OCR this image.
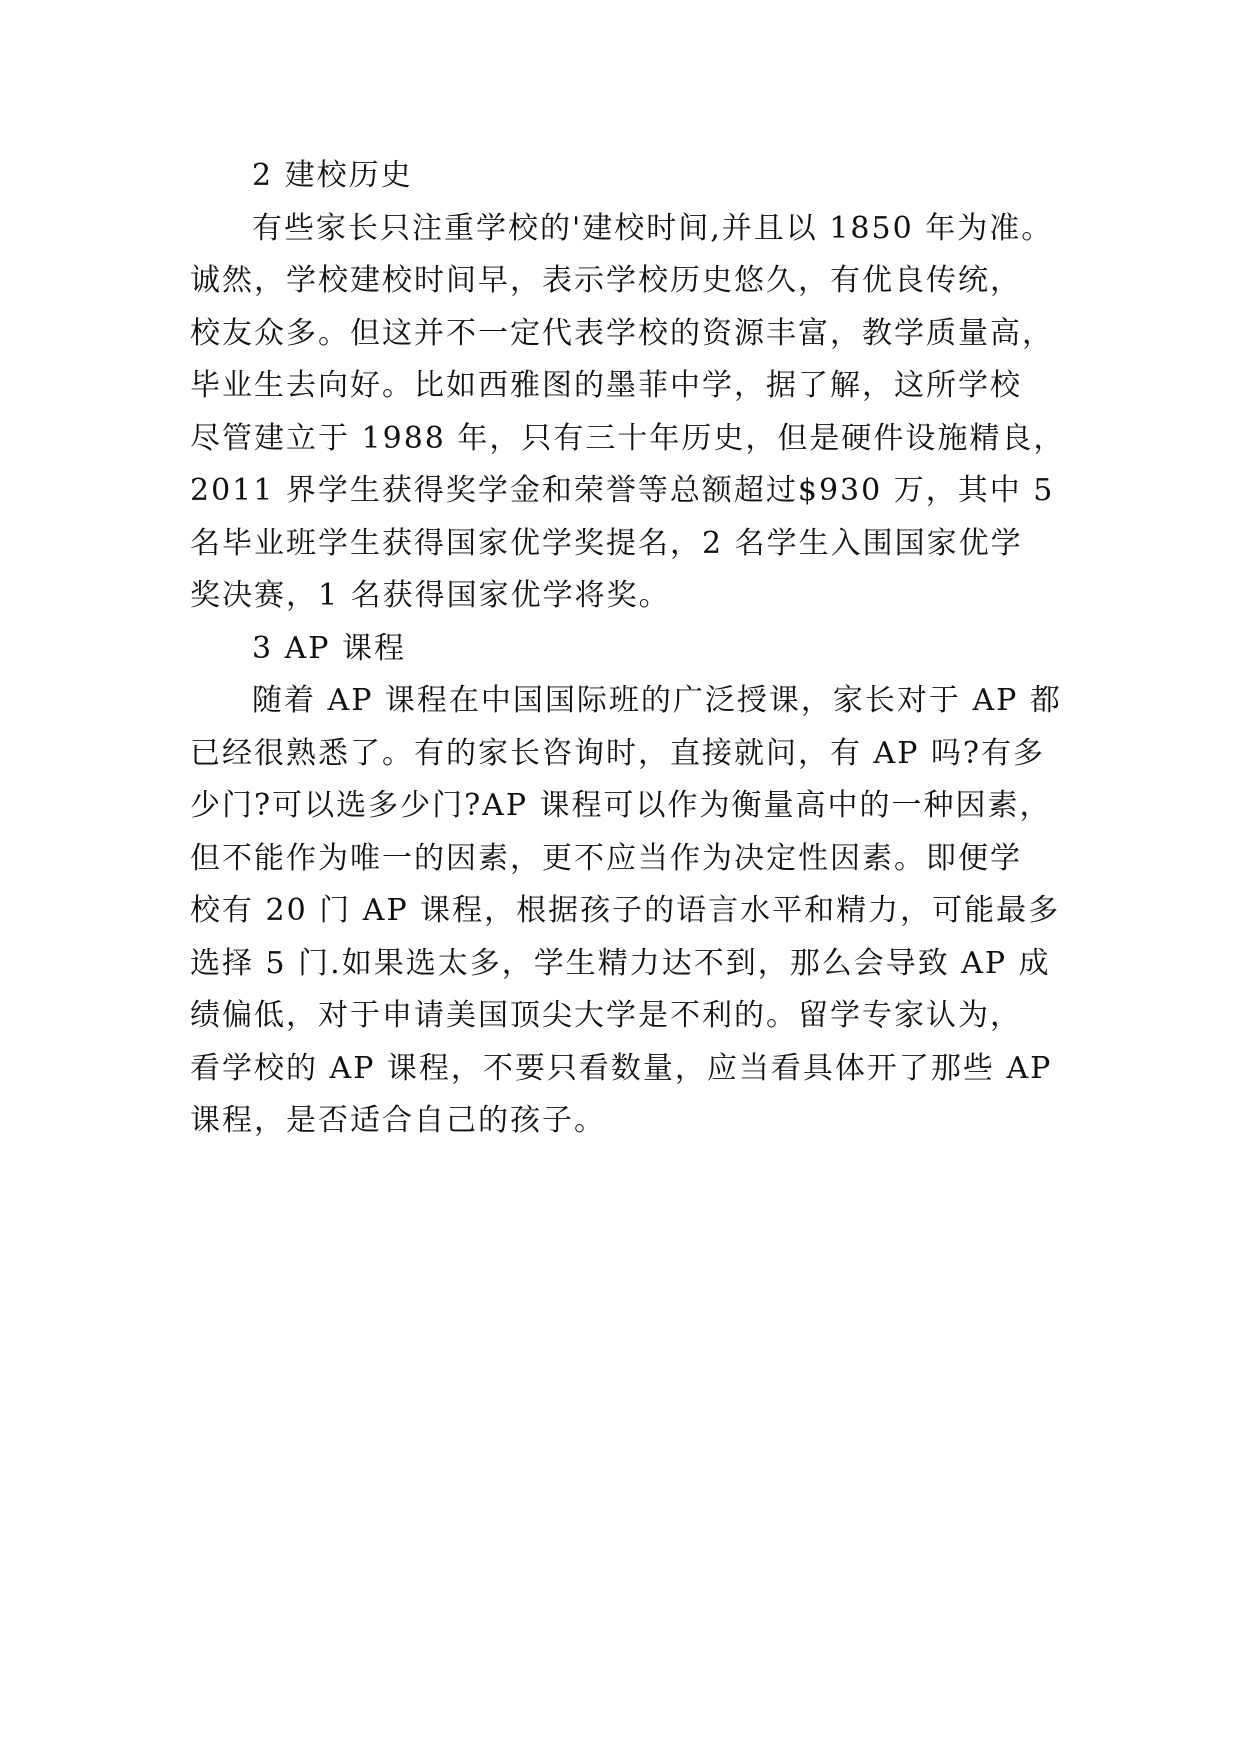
2 建校历史

有些家长只注重学校的'建校时间,并且以 1850 年为准。
诚然，学校建校时间早，表示学校历史悠久，有优良传统，
校友众多。但这并不一定代表学校的资源丰富，教学质量高，
毕业生去向好。比如西雅图的墨菲中学，据了解，这所学校
尽管建立于 1988 年，只有三十年历史，但是硬件设施精良，
2011 界学生获得奖学金和荣誉等总额超过$930 万，其中 5
名毕业班学生获得国家优学奖提名，2 名学生入围国家优学
奖决赛，1 名获得国家优学将奖。

3 AP 课程

随着 AP 课程在中国国际班的广泛授课，家长对于 AP 都
已经很熟悉了。有的家长咨询时，直接就问，有 AP 吗?有多
少门?可以选多少门?AP 课程可以作为衡量高中的一种因素，
但不能作为唯一的因素，更不应当作为决定性因素。即便学
校有 20 门 AP 课程，根据孩子的语言水平和精力，可能最多
选择 5 门.如果选太多，学生精力达不到，那么会导致 AP 成
绩偏低，对于申请美国顶尖大学是不利的。留学专家认为，
看学校的 AP 课程，不要只看数量，应当看具体开了那些 AP
课程，是否适合自己的孩子。
